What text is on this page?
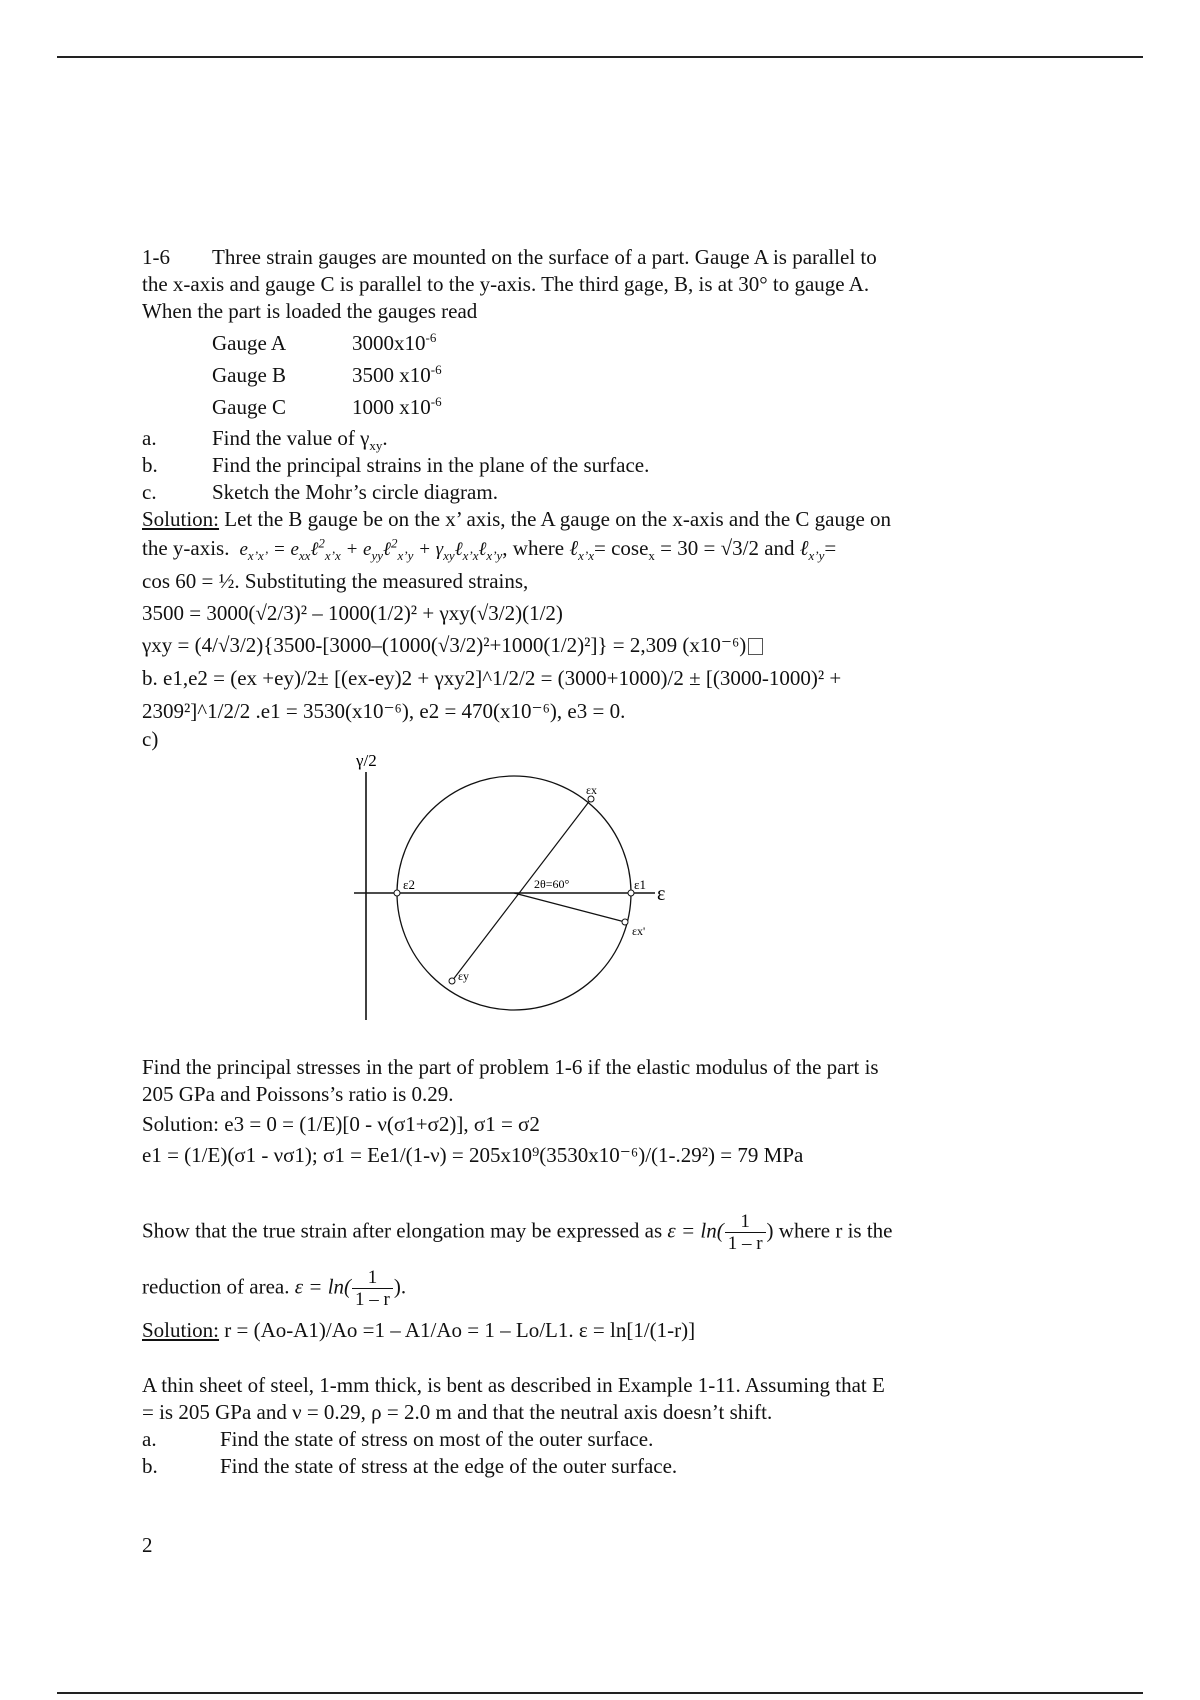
1-6 Three strain gauges are mounted on the surface of a part. Gauge A is parallel to
the x-axis and gauge C is parallel to the y-axis. The third gage, B, is at 30° to gauge A.
When the part is loaded the gauges read
Gauge A	$3000x10^{-6}$
Gauge B	3500 $x10^{-6}$
Gauge C	1000 $x10^{-6}$
a.	Find the value of $\gamma_{xy}$.
b.	Find the principal strains in the plane of the surface.
c.	Sketch the Mohr’s circle diagram.
Solution: Let the B gauge be on the x’ axis, the A gauge on the x-axis and the C gauge on
the y-axis.  $e_{x’x’}$ = $e_{xx}\ell^2_{x’x}$ + $e_{yy}\ell^2_{x’y}$ + $\gamma_{xy}\ell_{x’x}\ell_{x’y}$, where ℓ$_{x’x}$= cose$_x$ = 30 = √3/2 and ℓ$_{x’y}$=
cos 60 = ½. Substituting the measured strains,
3500 = 3000(√2/3)² – 1000(1/2)² + γxy(√3/2)(1/2)
γxy = (4/√3/2){3500-[3000–(1000(√3/2)²+1000(1/2)²]} = 2,309 (x10⁻⁶)
b. e1,e2 = (ex +ey)/2± [(ex-ey)2 + γxy2]^1/2/2 = (3000+1000)/2 ± [(3000-1000)² +
2309²]^1/2/2 .e1 = 3530(x10⁻⁶), e2 = 470(x10⁻⁶), e3 = 0.
c)
γ/2
ε
εx
εy
εx'
ε1
ε2	2θ=60°
Find the principal stresses in the part of problem 1-6 if the elastic modulus of the part is
205 GPa and Poissons’s ratio is 0.29.
Solution: e3 = 0 = (1/E)[0 - ν(σ1+σ2)], σ1 = σ2
e1 = (1/E)(σ1 - νσ1); σ1 = Ee1/(1-ν) = 205x10⁹(3530x10⁻⁶)/(1-.29²) = 79 MPa
Show that the true strain after elongation may be expressed as $\varepsilon = \ln( \frac{1}{1 - r}$ ) where r is the
reduction of area. $\varepsilon = \ln( \frac{1}{1 - r}$ ).
Solution: r = (Ao-A1)/Ao =1 – A1/Ao = 1 – Lo/L1. ε = ln[1/(1-r)]
A thin sheet of steel, 1-mm thick, is bent as described in Example 1-11. Assuming that E
= is 205 GPa and ν = 0.29, ρ = 2.0 m and that the neutral axis doesn’t shift.
a.	Find the state of stress on most of the outer surface.
b.	Find the state of stress at the edge of the outer surface.
2
